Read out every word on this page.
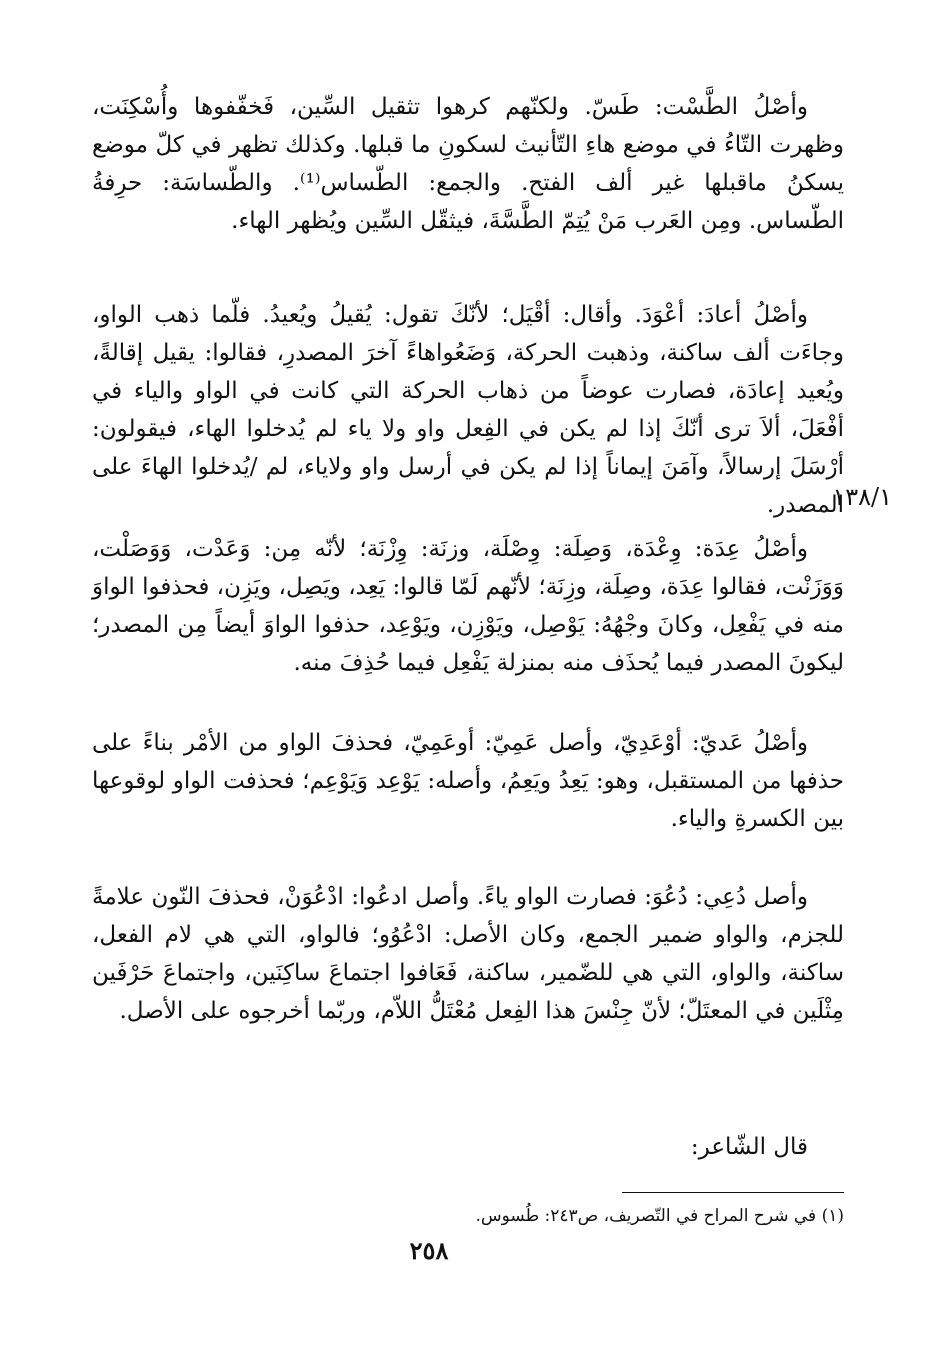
وأصْلُ الطَّسْت: طَسّ. ولكنّهم كرهوا تثقيل السِّين، فَخفّفوها وأُسْكِنَت، وظهرت التّاءُ في موضع هاءِ التّأنيث لسكونِ ما قبلها. وكذلك تظهر في كلّ موضع يسكنُ ماقبلها غير ألف الفتح. والجمع: الطّساس⁽¹⁾. والطّساسَة: حرِفةُ الطّساس. ومِن العَرب مَنْ يُتِمّ الطَّسَّةَ، فيثقّل السِّين ويُظهر الهاء.

وأصْلُ أعادَ: أعْوَدَ. وأقال: أقْيَل؛ لأنّكَ تقول: يُقيلُ ويُعيدُ. فلّما ذهب الواو، وجاءَت ألف ساكنة، وذهبت الحركة، وَضَعُواهاءً آخرَ المصدرِ، فقالوا: يقيل إقالةً، ويُعيد إعادَة، فصارت عوضاً من ذهاب الحركة التي كانت في الواو والياء في أفْعَلَ، ألاَ ترى أنّكَ إذا لم يكن في الفِعل واو ولا ياء لم يُدخلوا الهاء، فيقولون: أرْسَلَ إرسالاً، وآمَنَ إيماناً إذا لم يكن في أرسل واو ولاياء، لم /يُدخلوا الهاءَ على المصدر.

١٣٨/١

وأصْلُ عِدَة: وِعْدَة، وَصِلَة: وِصْلَة، وزنَة: وِزْنَة؛ لأنّه مِن: وَعَدْت، وَوَصَلْت، وَوَزَنْت، فقالوا عِدَة، وصِلَة، وزِنَة؛ لأنّهم لَمّا قالوا: يَعِد، ويَصِل، ويَزِن، فحذفوا الواوَ منه في يَفْعِل، وكانَ وجْهُهُ: يَوْصِل، ويَوْزِن، ويَوْعِد، حذفوا الواوَ أيضاً مِن المصدر؛ ليكونَ المصدر فيما يُحذَف منه بمنزلة يَفْعِل فيما حُذِفَ منه.

وأصْلُ عَديّ: أوْعَدِيّ، وأصل عَمِيّ: أوعَمِيّ، فحذفَ الواو من الأمْر بناءً على حذفها من المستقبل، وهو: يَعِدُ ويَعِمُ، وأصله: يَوْعِد وَيَوْعِم؛ فحذفت الواو لوقوعها بين الكسرةِ والياء.

وأصل دُعِي: دُعُوَ: فصارت الواو ياءً. وأصل ادعُوا: ادْعُوَنْ، فحذفَ النّون علامةً للجزم، والواو ضمير الجمع، وكان الأصل: ادْعُوُو؛ فالواو، التي هي لام الفعل، ساكنة، والواو، التي هي للضّمير، ساكنة، فَعَافوا اجتماعَ ساكِنَين، واجتماعَ حَرْفَين مِثْلَين في المعتَلّ؛ لأنّ جِنْسَ هذا الفِعل مُعْتَلُّ اللاّم، وربّما أخرجوه على الأصل.

قال الشّاعر:

(١) في شرح المراح في التّصريف، ص٢٤٣: طُسوس.
٢٥٨
